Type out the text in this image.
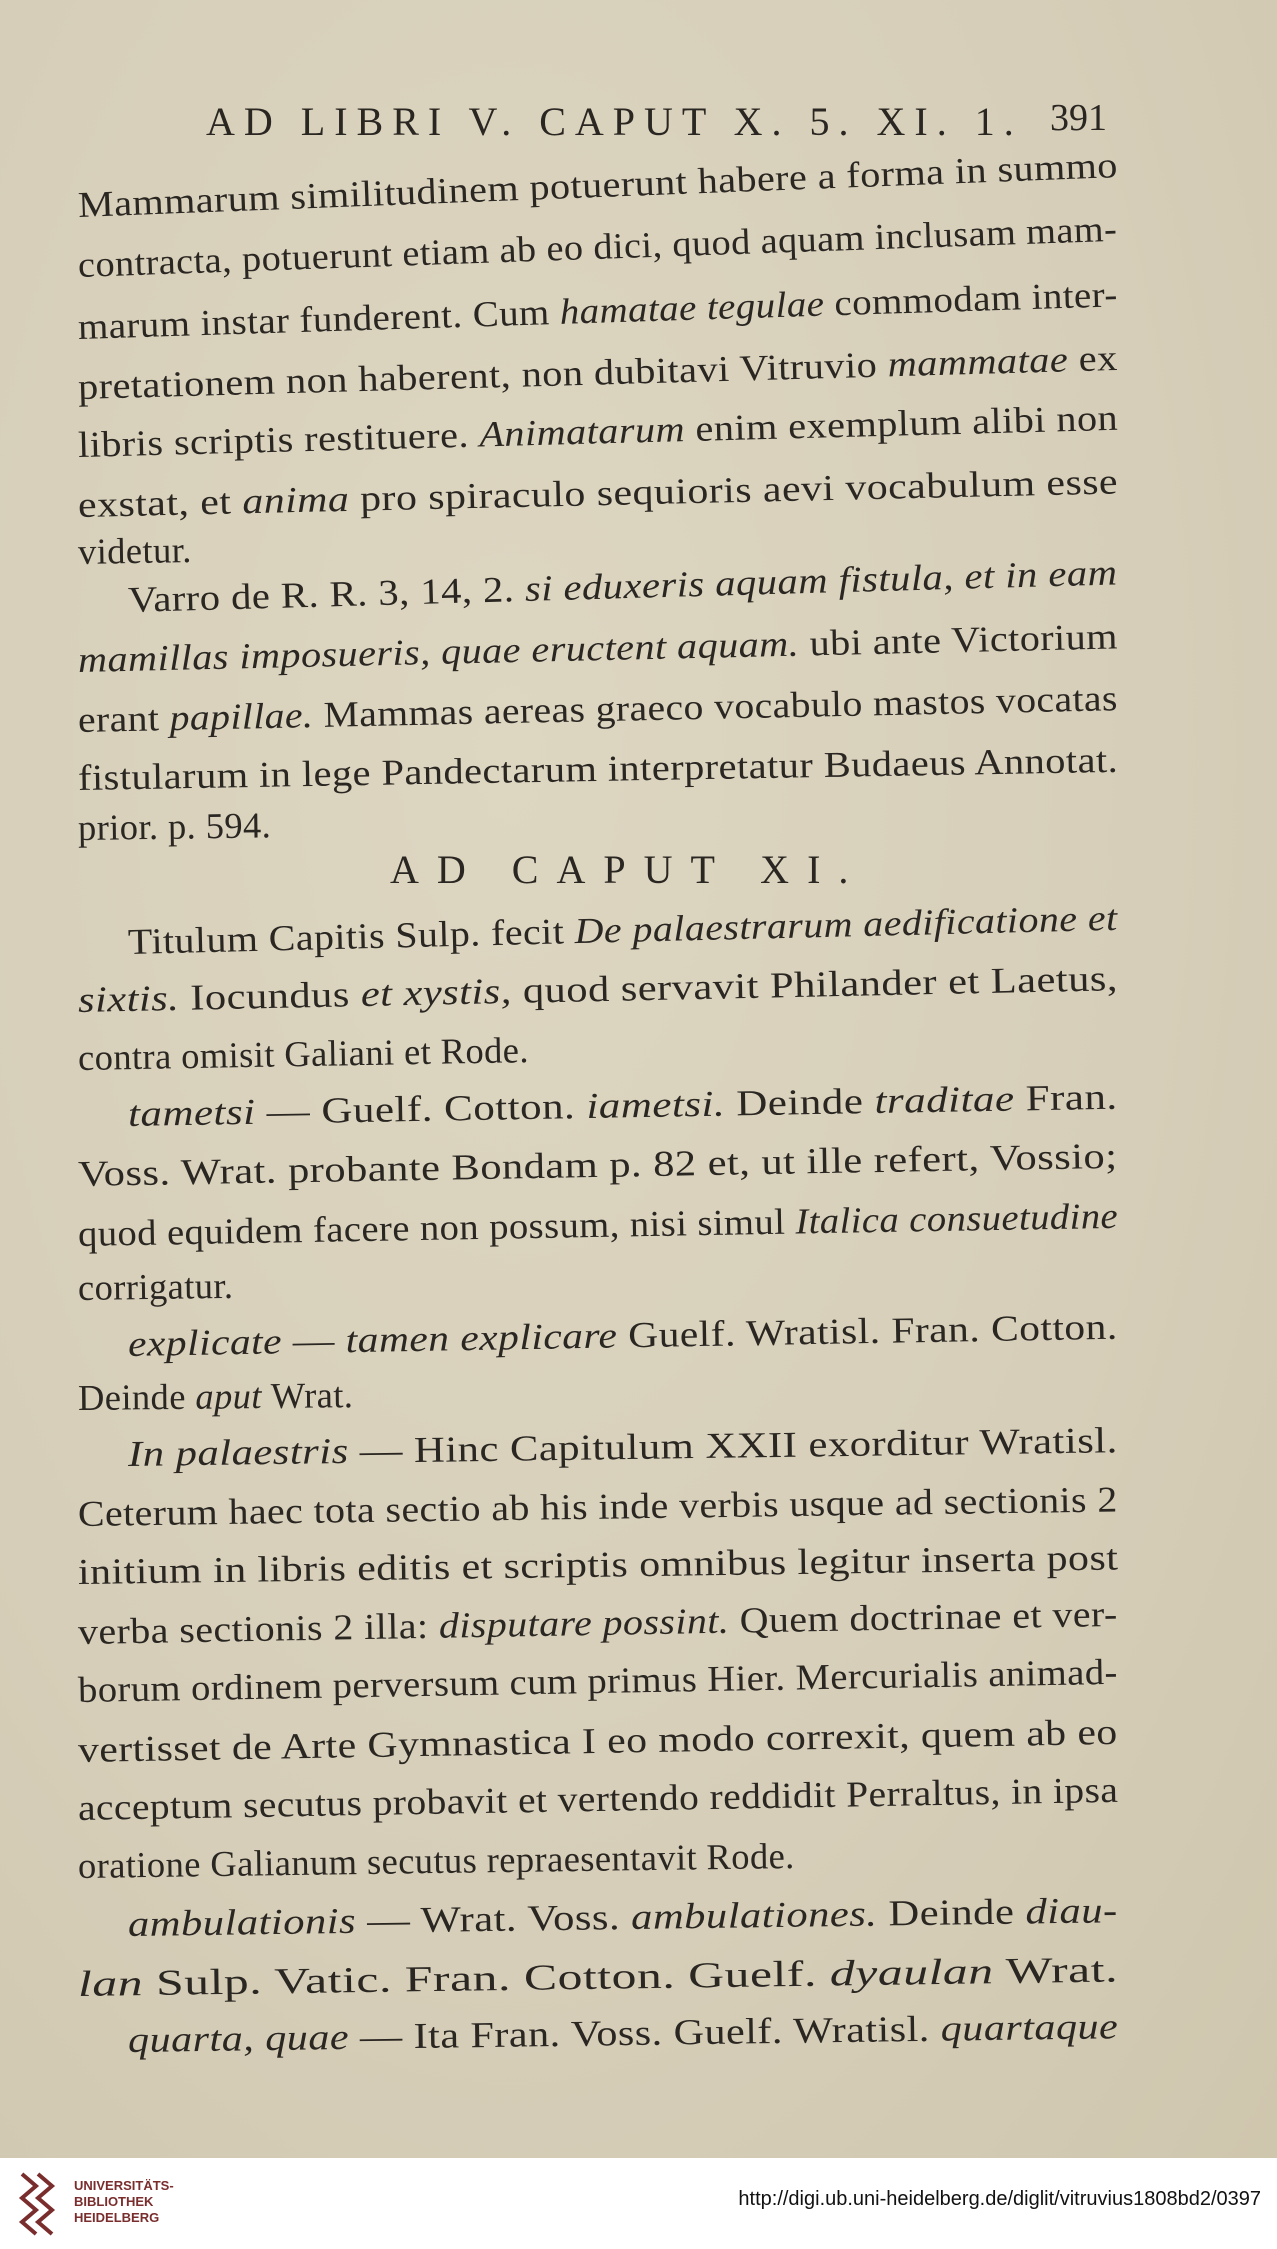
AD LIBRI V. CAPUT X. 5. XI. 1. 391
AD CAPUT XI.
Mammarum similitudinem potuerunt habere a forma in summo
contracta, potuerunt etiam ab eo dici, quod aquam inclusam mam-
marum instar funderent. Cum hamatae tegulae commodam inter-
pretationem non haberent, non dubitavi Vitruvio mammatae ex
libris scriptis restituere. Animatarum enim exemplum alibi non
exstat, et anima pro spiraculo sequioris aevi vocabulum esse
videtur.
Varro de R. R. 3, 14, 2. si eduxeris aquam fistula, et in eam
mamillas imposueris, quae eructent aquam. ubi ante Victorium
erant papillae. Mammas aereas graeco vocabulo mastos vocatas
fistularum in lege Pandectarum interpretatur Budaeus Annotat.
prior. p. 594.
Titulum Capitis Sulp. fecit De palaestrarum aedificatione et
sixtis. Iocundus et xystis, quod servavit Philander et Laetus,
contra omisit Galiani et Rode.
tametsi — Guelf. Cotton. iametsi. Deinde traditae Fran.
Voss. Wrat. probante Bondam p. 82 et, ut ille refert, Vossio;
quod equidem facere non possum, nisi simul Italica consuetudine
corrigatur.
explicate — tamen explicare Guelf. Wratisl. Fran. Cotton.
Deinde aput Wrat.
In palaestris — Hinc Capitulum XXII exorditur Wratisl.
Ceterum haec tota sectio ab his inde verbis usque ad sectionis 2
initium in libris editis et scriptis omnibus legitur inserta post
verba sectionis 2 illa: disputare possint. Quem doctrinae et ver-
borum ordinem perversum cum primus Hier. Mercurialis animad-
vertisset de Arte Gymnastica I eo modo correxit, quem ab eo
acceptum secutus probavit et vertendo reddidit Perraltus, in ipsa
oratione Galianum secutus repraesentavit Rode.
ambulationis — Wrat. Voss. ambulationes. Deinde diau-
lan Sulp. Vatic. Fran. Cotton. Guelf. dyaulan Wrat.
quarta, quae — Ita Fran. Voss. Guelf. Wratisl. quartaque
UNIVERSITÄTS-
BIBLIOTHEK
HEIDELBERG
http://digi.ub.uni-heidelberg.de/diglit/vitruvius1808bd2/0397
